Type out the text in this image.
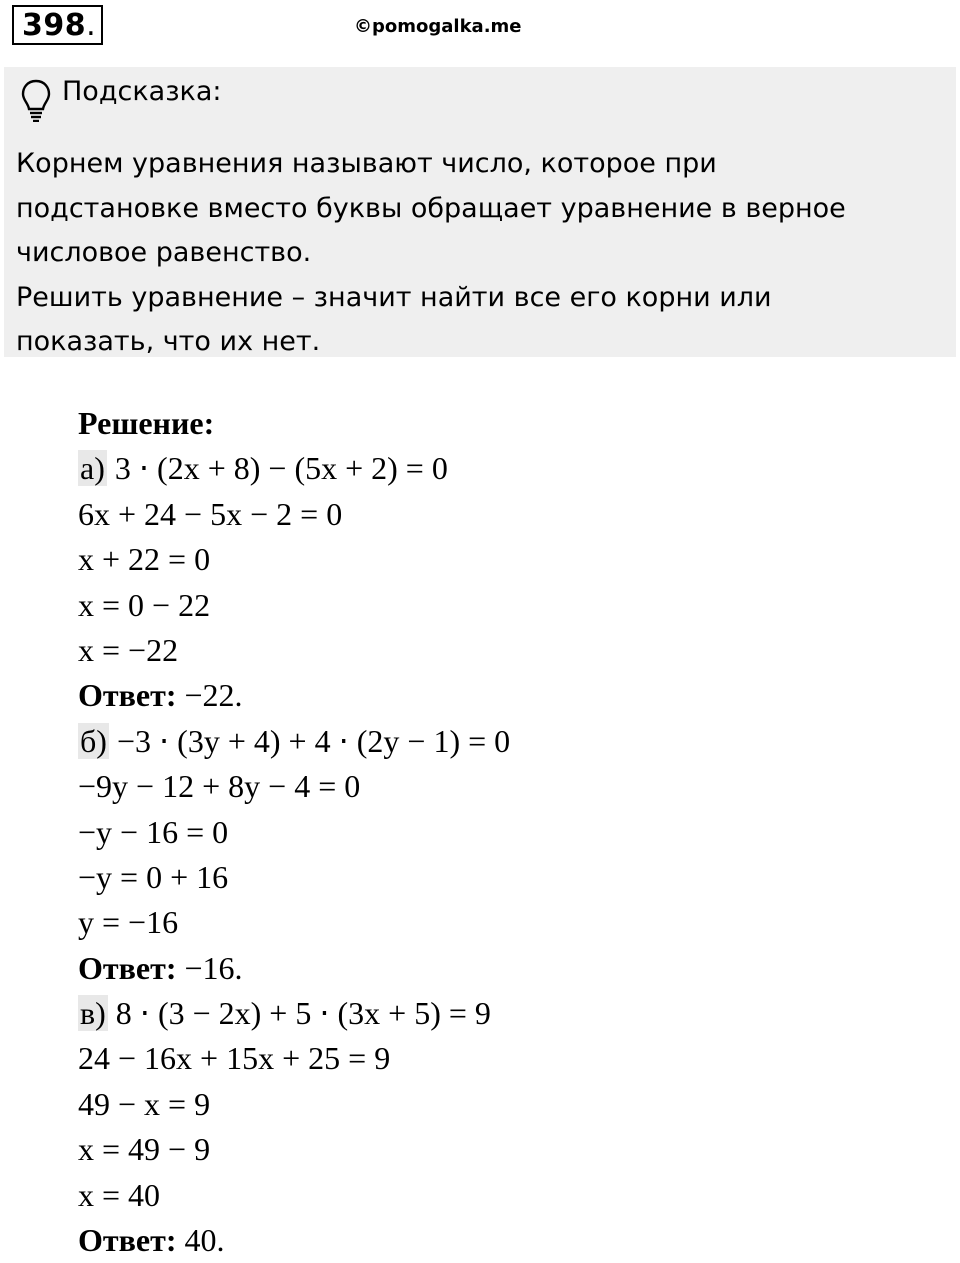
398 .	©pomogalka.me
Подсказка:
Корнем уравнения называют число, которое при
подстановке вместо буквы обращает уравнение в верное
числовое равенство.
Решить уравнение – значит найти все его корни или
показать, что их нет.
Решение:
а) 3 ⋅ (2x + 8) − (5x + 2) = 0
6x + 24 − 5x − 2 = 0
x + 22 = 0
x = 0 − 22
x = −22
Ответ: −22.
б) −3 ⋅ (3y + 4) + 4 ⋅ (2y − 1) = 0
−9y − 12 + 8y − 4 = 0
−y − 16 = 0
−y = 0 + 16
y = −16
Ответ: −16.
в) 8 ⋅ (3 − 2x) + 5 ⋅ (3x + 5) = 9
24 − 16x + 15x + 25 = 9
49 − x = 9
x = 49 − 9
x = 40
Ответ: 40.
